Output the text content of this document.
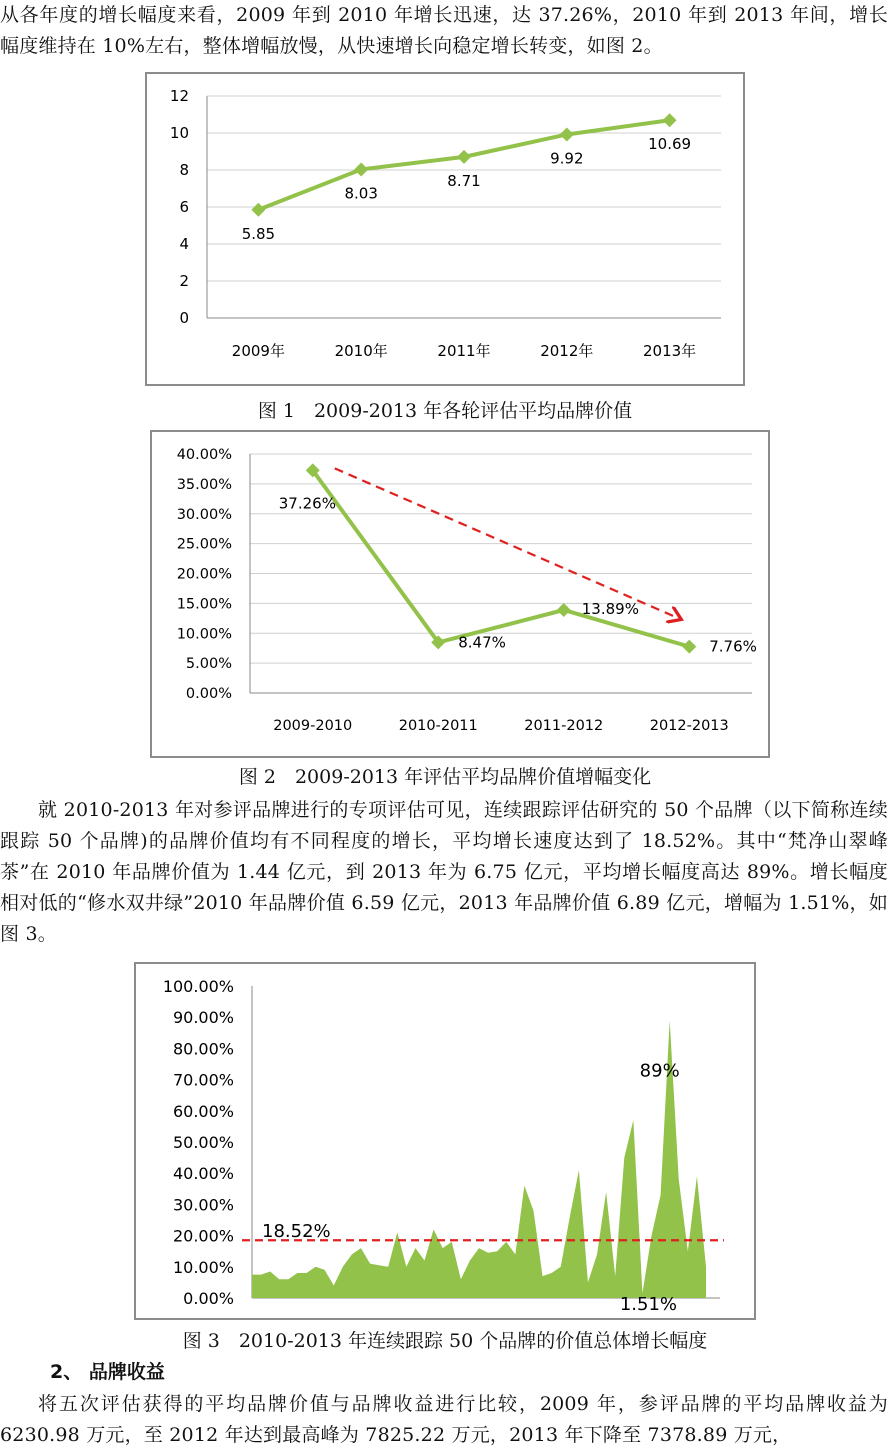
从各年度的增长幅度来看，2009 年到 2010 年增长迅速，达 37.26%，2010 年到 2013 年间，增长幅度维持在 10%左右，整体增幅放慢，从快速增长向稳定增长转变，如图 2。

0
2
4
6
8
10
12
2009年	2010年	2011年	2012年	2013年
5.85
8.03
8.71
9.92
10.69
图 1　2009-2013 年各轮评估平均品牌价值
0.00%
5.00%
10.00%
15.00%
20.00%
25.00%
30.00%
35.00%
40.00%
2009-2010	2010-2011	2011-2012	2012-2013
37.26%
8.47%
13.89%
7.76%
图 2　2009-2013 年评估平均品牌价值增幅变化

就 2010-2013 年对参评品牌进行的专项评估可见，连续跟踪评估研究的 50 个品牌（以下简称连续跟踪 50 个品牌)的品牌价值均有不同程度的增长，平均增长速度达到了 18.52%。其中“梵净山翠峰茶”在 2010 年品牌价值为 1.44 亿元，到 2013 年为 6.75 亿元，平均增长幅度高达 89%。增长幅度相对低的“修水双井绿”2010 年品牌价值 6.59 亿元，2013 年品牌价值 6.89 亿元，增幅为 1.51%，如图 3。

0.00%
10.00%
20.00%
30.00%
40.00%
50.00%
60.00%
70.00%
80.00%
90.00%
100.00%
18.52%
89%
1.51%
图 3　2010-2013 年连续跟踪 50 个品牌的价值总体增长幅度
2、 品牌收益

将五次评估获得的平均品牌价值与品牌收益进行比较，2009 年，参评品牌的平均品牌收益为 6230.98 万元，至 2012 年达到最高峰为 7825.22 万元，2013 年下降至 7378.89 万元，
